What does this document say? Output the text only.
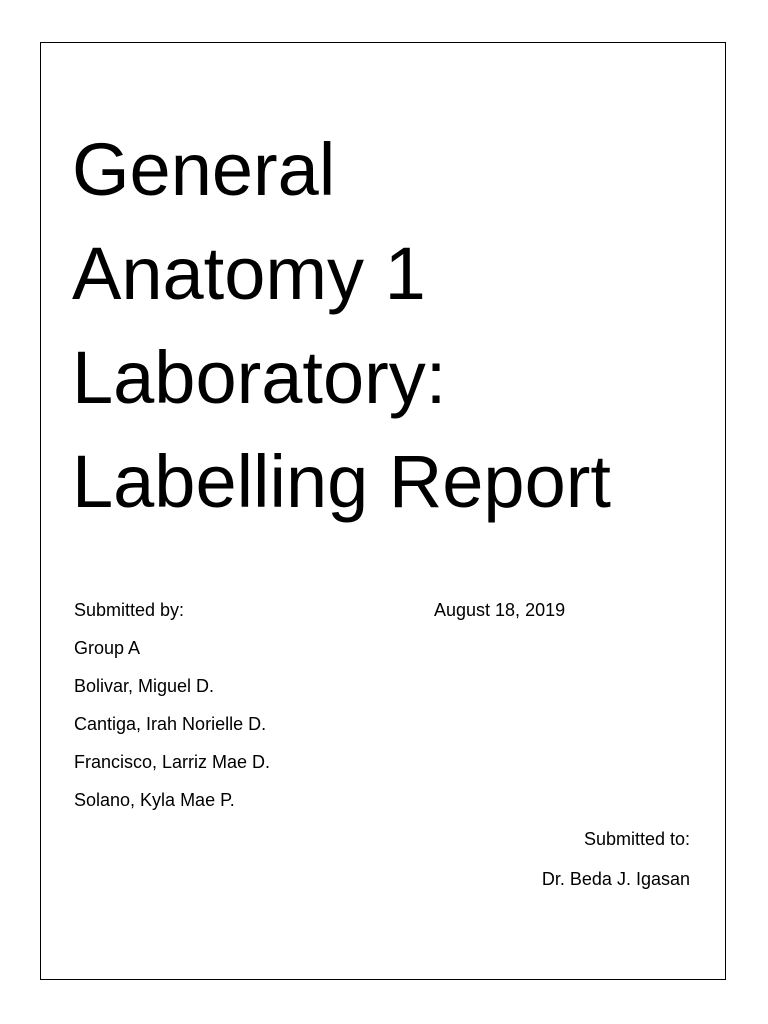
General
Anatomy 1
Laboratory:
Labelling Report
Submitted by:
Group A
Bolivar, Miguel D.
Cantiga, Irah Norielle D.
Francisco, Larriz Mae D.
Solano, Kyla Mae P.
August 18, 2019
Submitted to:
Dr. Beda J. Igasan
